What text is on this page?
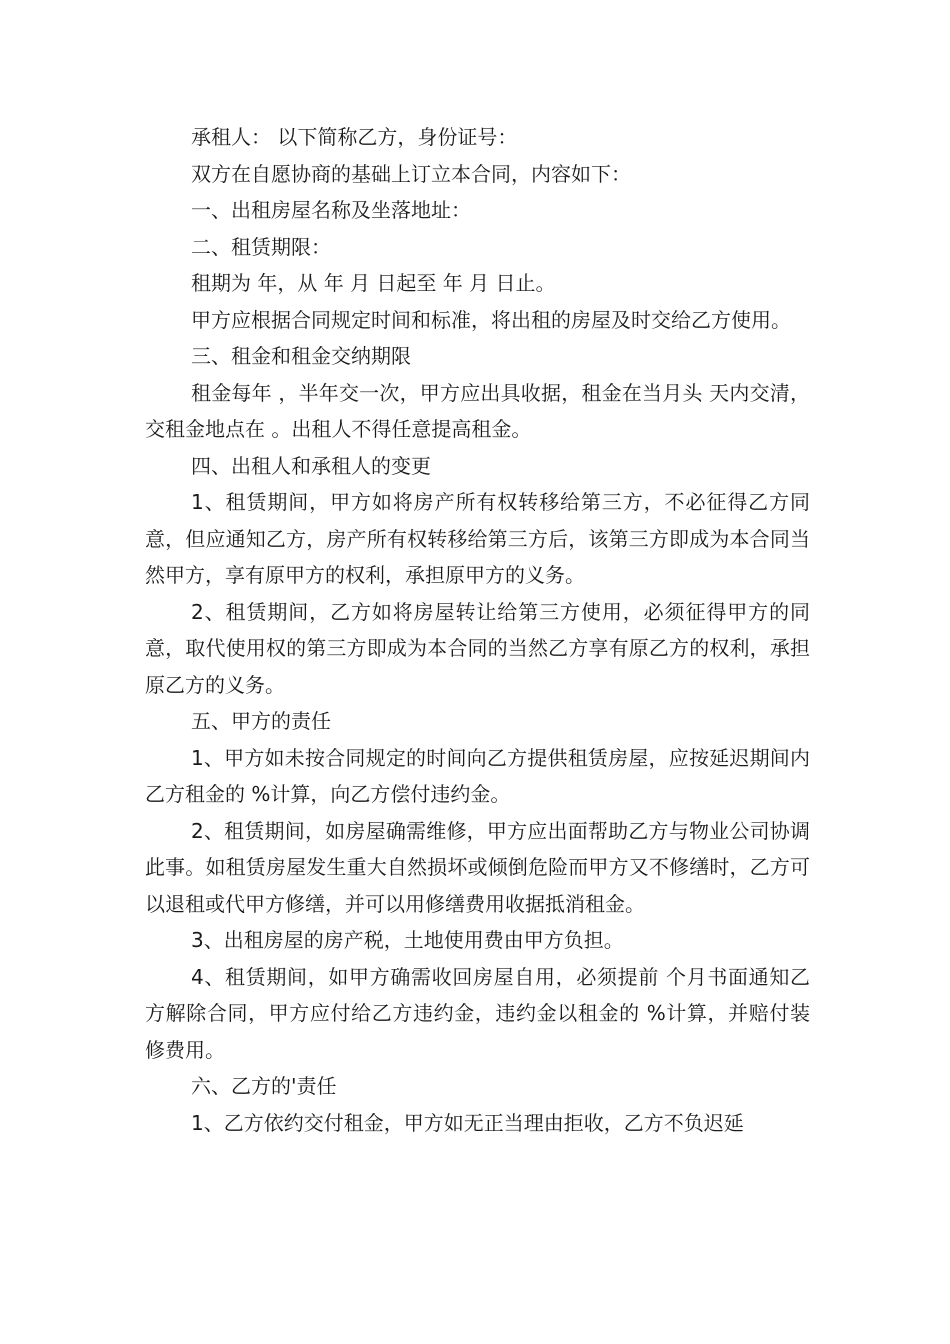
承租人： 以下简称乙方，身份证号：

双方在自愿协商的基础上订立本合同，内容如下：

一、出租房屋名称及坐落地址：

二、租赁期限：

租期为 年，从 年 月 日起至 年 月 日止。

甲方应根据合同规定时间和标准，将出租的房屋及时交给乙方使用。

三、租金和租金交纳期限

租金每年 ，半年交一次，甲方应出具收据，租金在当月头 天内交清，交租金地点在 。出租人不得任意提高租金。

四、出租人和承租人的变更

1、租赁期间，甲方如将房产所有权转移给第三方，不必征得乙方同意，但应通知乙方，房产所有权转移给第三方后，该第三方即成为本合同当然甲方，享有原甲方的权利，承担原甲方的义务。

2、租赁期间，乙方如将房屋转让给第三方使用，必须征得甲方的同意，取代使用权的第三方即成为本合同的当然乙方享有原乙方的权利，承担原乙方的义务。

五、甲方的责任

1、甲方如未按合同规定的时间向乙方提供租赁房屋，应按延迟期间内乙方租金的 %计算，向乙方偿付违约金。

2、租赁期间，如房屋确需维修，甲方应出面帮助乙方与物业公司协调此事。如租赁房屋发生重大自然损坏或倾倒危险而甲方又不修缮时，乙方可以退租或代甲方修缮，并可以用修缮费用收据抵消租金。

3、出租房屋的房产税，土地使用费由甲方负担。

4、租赁期间，如甲方确需收回房屋自用，必须提前 个月书面通知乙方解除合同，甲方应付给乙方违约金，违约金以租金的 %计算，并赔付装修费用。

六、乙方的'责任

1、乙方依约交付租金，甲方如无正当理由拒收，乙方不负迟延
